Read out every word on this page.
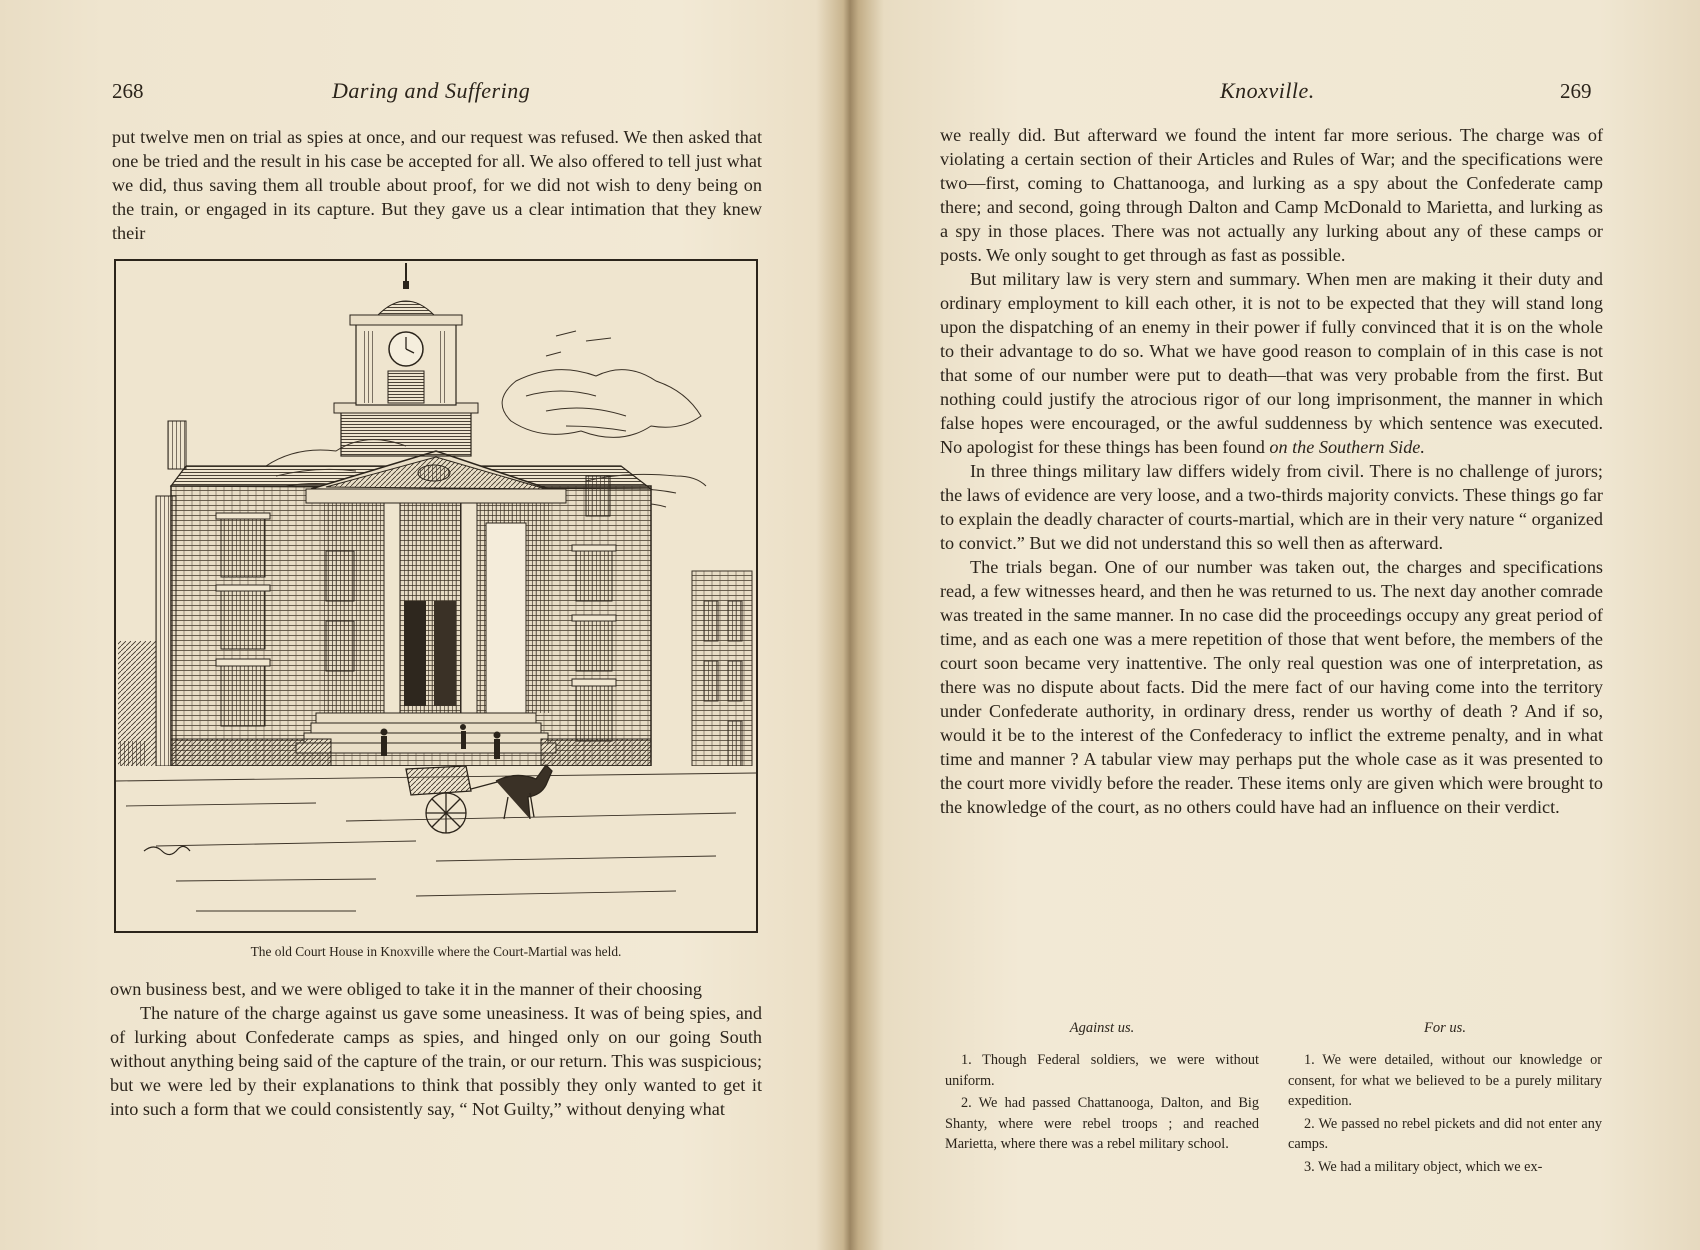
268	Daring and Suffering

put twelve men on trial as spies at once, and our request was refused. We then asked that one be tried and the result in his case be accepted for all. We also offered to tell just what we did, thus saving them all trouble about proof, for we did not wish to deny being on the train, or engaged in its capture. But they gave us a clear intimation that they knew their

The old Court House in Knoxville where the Court-Martial was held.

own business best, and we were obliged to take it in the manner of their choosing

The nature of the charge against us gave some uneasiness. It was of being spies, and of lurking about Confederate camps as spies, and hinged only on our going South without anything being said of the capture of the train, or our return. This was suspicious; but we were led by their explanations to think that possibly they only wanted to get it into such a form that we could consistently say, “ Not Guilty,” without denying what

Knoxville.	269

we really did. But afterward we found the intent far more serious. The charge was of violating a certain section of their Articles and Rules of War; and the specifications were two—first, coming to Chattanooga, and lurking as a spy about the Confederate camp there; and second, going through Dalton and Camp McDonald to Marietta, and lurking as a spy in those places. There was not actually any lurking about any of these camps or posts. We only sought to get through as fast as possible.

But military law is very stern and summary. When men are making it their duty and ordinary employment to kill each other, it is not to be expected that they will stand long upon the dispatching of an enemy in their power if fully convinced that it is on the whole to their advantage to do so. What we have good reason to complain of in this case is not that some of our number were put to death—that was very probable from the first. But nothing could justify the atrocious rigor of our long imprisonment, the manner in which false hopes were encouraged, or the awful suddenness by which sentence was executed. No apologist for these things has been found on the Southern Side.

In three things military law differs widely from civil. There is no challenge of jurors; the laws of evidence are very loose, and a two-thirds majority convicts. These things go far to explain the deadly character of courts-martial, which are in their very nature “ organized to convict.” But we did not understand this so well then as afterward.

The trials began. One of our number was taken out, the charges and specifications read, a few witnesses heard, and then he was returned to us. The next day another comrade was treated in the same manner. In no case did the proceedings occupy any great period of time, and as each one was a mere repetition of those that went before, the members of the court soon became very inattentive. The only real question was one of interpretation, as there was no dispute about facts. Did the mere fact of our having come into the territory under Confederate authority, in ordinary dress, render us worthy of death ? And if so, would it be to the interest of the Confederacy to inflict the extreme penalty, and in what time and manner ? A tabular view may perhaps put the whole case as it was presented to the court more vividly before the reader. These items only are given which were brought to the knowledge of the court, as no others could have had an influence on their verdict.

Against us.

1. Though Federal soldiers, we were without uniform.

2. We had passed Chattanooga, Dalton, and Big Shanty, where were rebel troops ; and reached Marietta, where there was a rebel military school.

For us.

1. We were detailed, without our knowledge or consent, for what we believed to be a purely military expedition.

2. We passed no rebel pickets and did not enter any camps.

3. We had a military object, which we ex-
